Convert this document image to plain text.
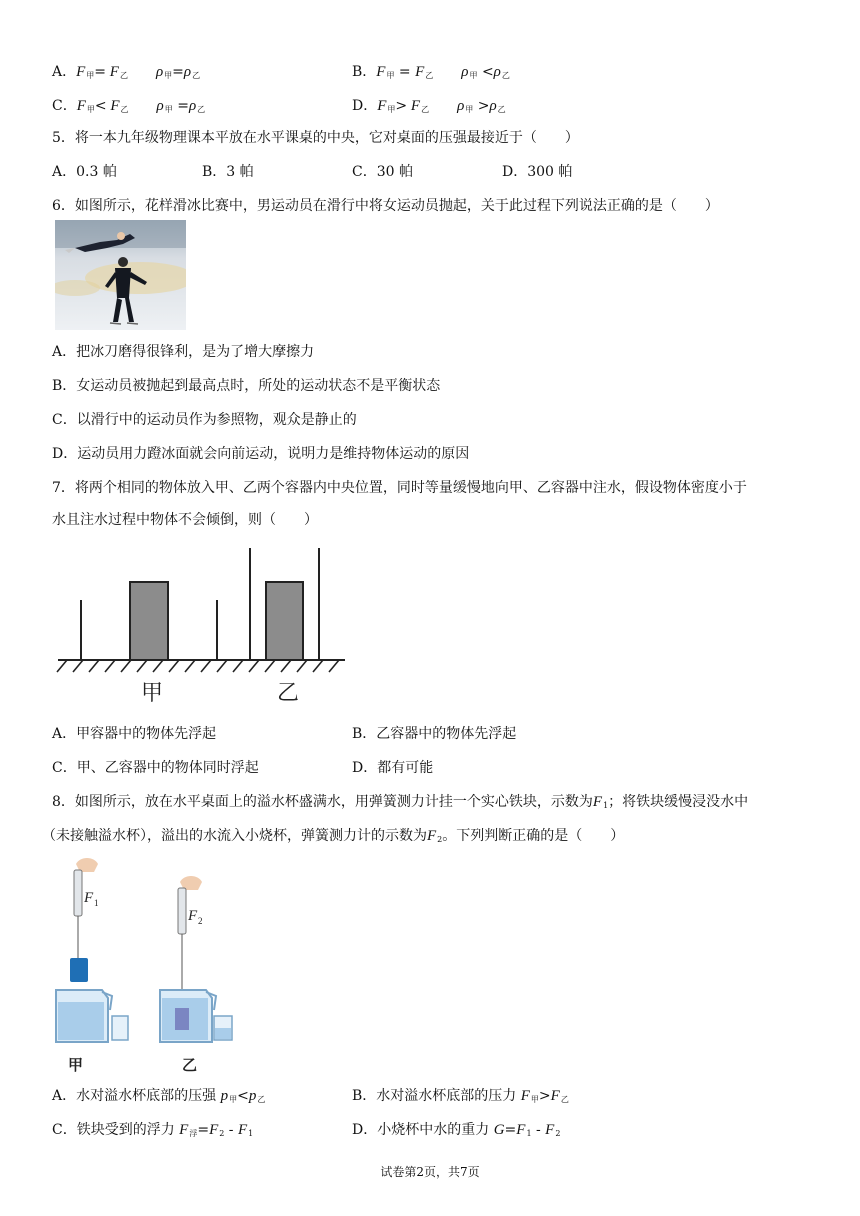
A．$F_甲= F_乙$ $\rho_甲=\rho_乙$	B．$F_甲 = F_乙$ $\rho_甲 <\rho_乙$
C．$F_甲< F_乙$ $\rho_甲 =\rho_乙$	D．$F_甲> F_乙$ $\rho_甲 >\rho_乙$
5．将一本九年级物理课本平放在水平课桌的中央，它对桌面的压强最接近于（　　）
A．0.3 帕	B．3 帕	C．30 帕	D．300 帕
6．如图所示，花样滑冰比赛中，男运动员在滑行中将女运动员抛起，关于此过程下列说法正确的是（　　）
A．把冰刀磨得很锋利，是为了增大摩擦力
B．女运动员被抛起到最高点时，所处的运动状态不是平衡状态
C．以滑行中的运动员作为参照物，观众是静止的
D．运动员用力蹬冰面就会向前运动，说明力是维持物体运动的原因
7．将两个相同的物体放入甲、乙两个容器内中央位置，同时等量缓慢地向甲、乙容器中注水，假设物体密度小于
水且注水过程中物体不会倾倒，则（　　）
甲	乙
A．甲容器中的物体先浮起	B．乙容器中的物体先浮起
C．甲、乙容器中的物体同时浮起	D．都有可能
8．如图所示，放在水平桌面上的溢水杯盛满水，用弹簧测力计挂一个实心铁块，示数为$F_1$；将铁块缓慢浸没水中
（未接触溢水杯），溢出的水流入小烧杯，弹簧测力计的示数为$F_2$。下列判断正确的是（　　）
F 1
甲
F 2
乙
A．水对溢水杯底部的压强 $p_甲<p_乙$	B．水对溢水杯底部的压力 $F_甲>F_乙$
C．铁块受到的浮力 $F_浮=F_2 - F_1$	D．小烧杯中水的重力 $G=F_1 - F_2$
试卷第2页，共7页
